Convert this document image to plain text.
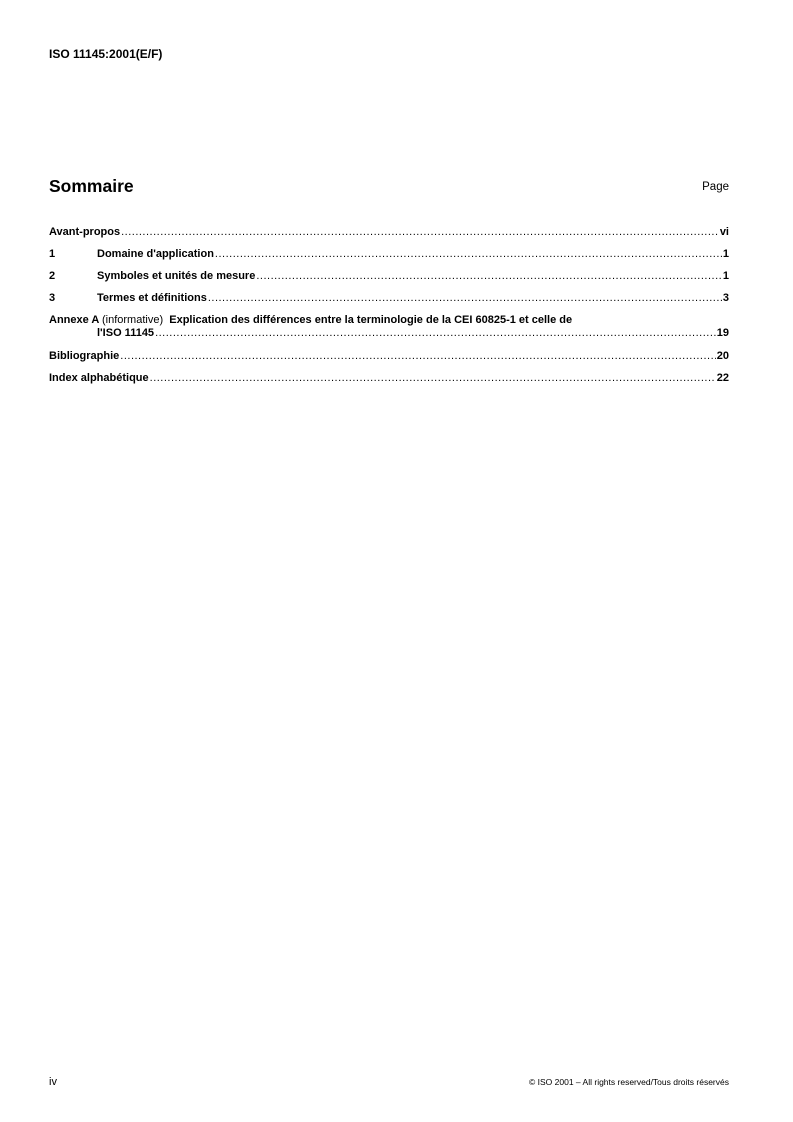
ISO 11145:2001(E/F)
Sommaire	Page
Avant-propos .....	vi
1	Domaine d'application .....	1
2	Symboles et unités de mesure .....	1
3	Termes et définitions .....	3
Annexe A (informative) Explication des différences entre la terminologie de la CEI 60825-1 et celle de
l'ISO 11145 .....	19
Bibliographie .....	20
Index alphabétique .....	22
iv	© ISO 2001 – All rights reserved/Tous droits réservés
